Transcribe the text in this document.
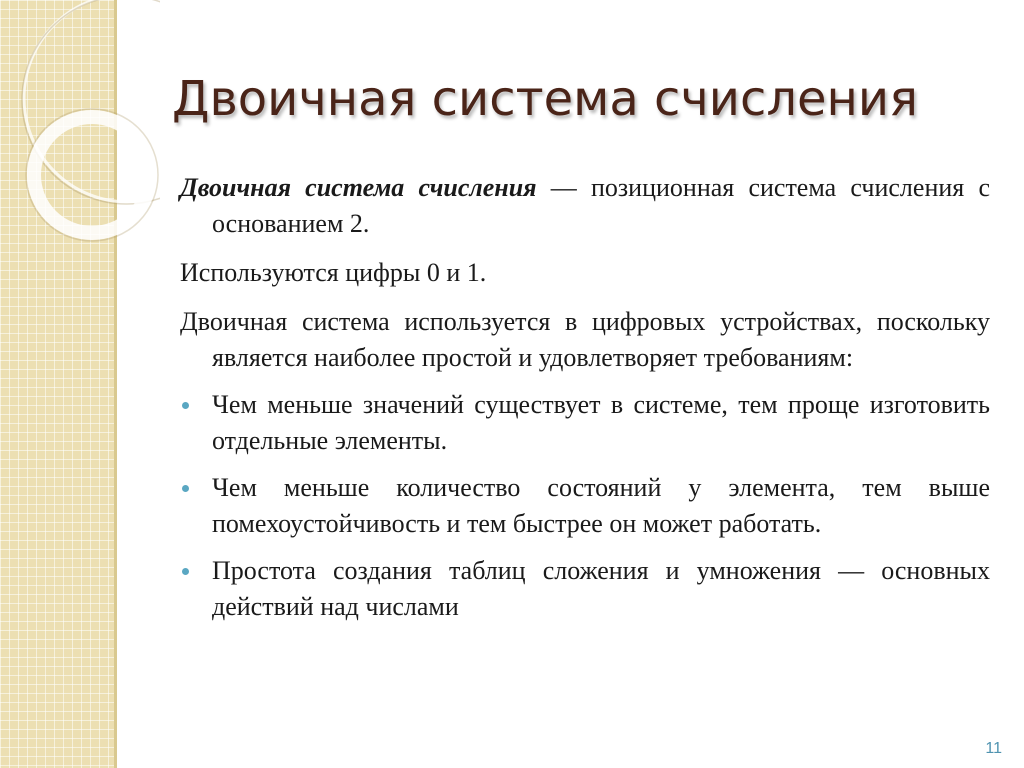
Двоичная система счисления

Двоичная система счисления — позиционная система счисления с основанием 2.

Используются цифры 0 и 1.

Двоичная система используется в цифровых устройствах, поскольку является наиболее простой и удовлетворяет требованиям:

Чем меньше значений существует в системе, тем проще изготовить отдельные элементы.
Чем меньше количество состояний у элемента, тем выше помехоустойчивость и тем быстрее он может работать.
Простота создания таблиц сложения и умножения — основных действий над числами
11
